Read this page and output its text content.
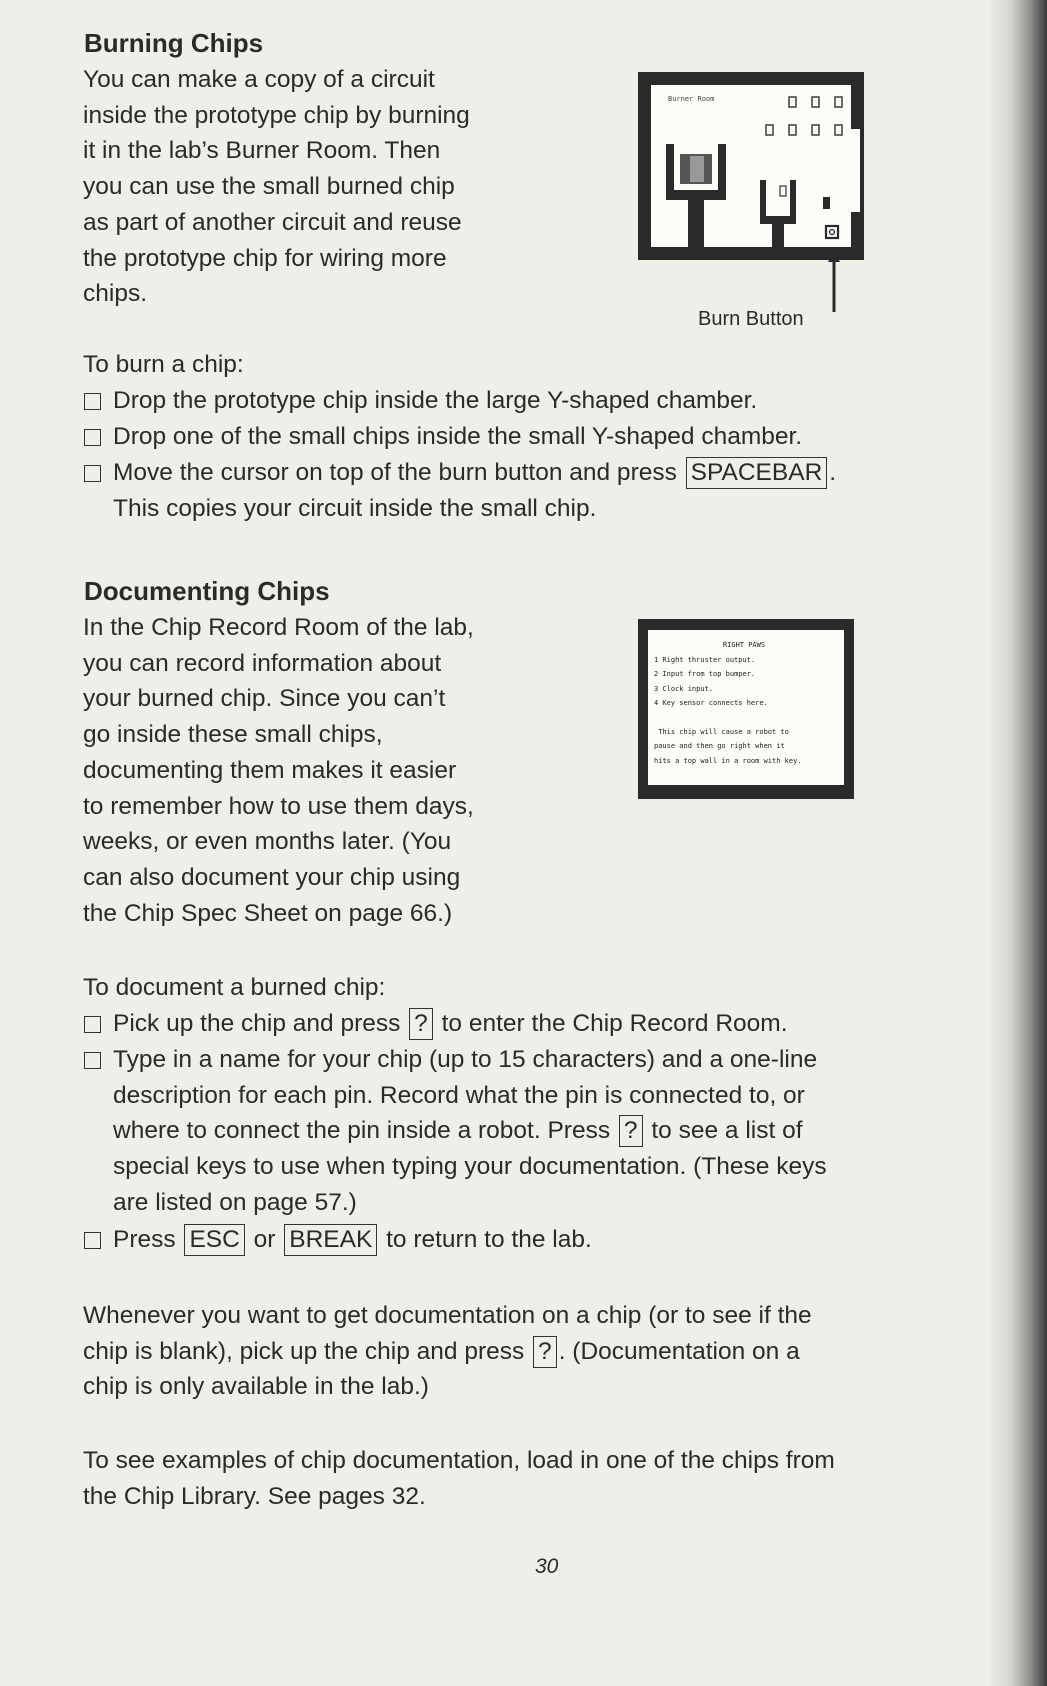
Burning Chips
You can make a copy of a circuit
inside the prototype chip by burning
it in the lab’s Burner Room. Then
you can use the small burned chip
as part of another circuit and reuse
the prototype chip for wiring more
chips.
Burner Room
Burn Button
To burn a chip:
Drop the prototype chip inside the large Y-shaped chamber.
Drop one of the small chips inside the small Y-shaped chamber.
Move the cursor on top of the burn button and press SPACEBAR .
This copies your circuit inside the small chip.
Documenting Chips
In the Chip Record Room of the lab,
you can record information about
your burned chip. Since you can’t
go inside these small chips,
documenting them makes it easier
to remember how to use them days,
weeks, or even months later. (You
can also document your chip using
the Chip Spec Sheet on page 66.)
RIGHT PAWS
1 Right thruster output.
2 Input from top bumper.
3 Clock input.
4 Key sensor connects here.
This chip will cause a robot to
pause and then go right when it
hits a top wall in a room with key.
To document a burned chip:
Pick up the chip and press ? to enter the Chip Record Room.
Type in a name for your chip (up to 15 characters) and a one-line
description for each pin. Record what the pin is connected to, or
where to connect the pin inside a robot. Press ? to see a list of
special keys to use when typing your documentation. (These keys
are listed on page 57.)
Press ESC or BREAK to return to the lab.
Whenever you want to get documentation on a chip (or to see if the
chip is blank), pick up the chip and press ? . (Documentation on a
chip is only available in the lab.)
To see examples of chip documentation, load in one of the chips from
the Chip Library. See pages 32.
30
